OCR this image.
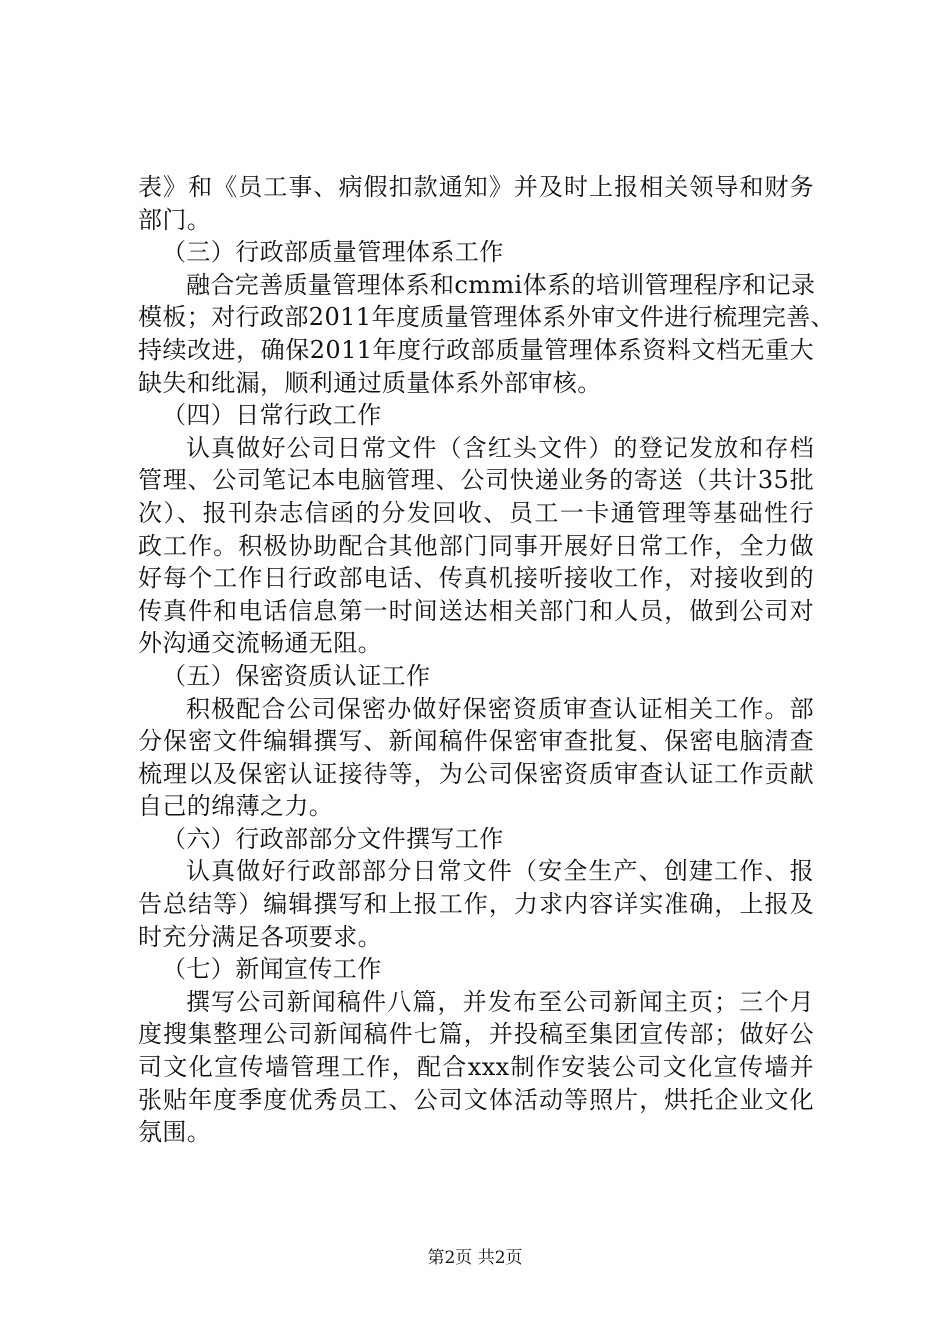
表》和《员工事、病假扣款通知》并及时上报相关领导和财务
部门。
（三）行政部质量管理体系工作
融合完善质量管理体系和cmmi体系的培训管理程序和记录
模板；对行政部2011年度质量管理体系外审文件进行梳理完善、
持续改进，确保2011年度行政部质量管理体系资料文档无重大
缺失和纰漏，顺利通过质量体系外部审核。
（四）日常行政工作
认真做好公司日常文件（含红头文件）的登记发放和存档
管理、公司笔记本电脑管理、公司快递业务的寄送（共计35批
次）、报刊杂志信函的分发回收、员工一卡通管理等基础性行
政工作。积极协助配合其他部门同事开展好日常工作，全力做
好每个工作日行政部电话、传真机接听接收工作，对接收到的
传真件和电话信息第一时间送达相关部门和人员，做到公司对
外沟通交流畅通无阻。
（五）保密资质认证工作
积极配合公司保密办做好保密资质审查认证相关工作。部
分保密文件编辑撰写、新闻稿件保密审查批复、保密电脑清查
梳理以及保密认证接待等，为公司保密资质审查认证工作贡献
自己的绵薄之力。
（六）行政部部分文件撰写工作
认真做好行政部部分日常文件（安全生产、创建工作、报
告总结等）编辑撰写和上报工作，力求内容详实准确，上报及
时充分满足各项要求。
（七）新闻宣传工作
撰写公司新闻稿件八篇，并发布至公司新闻主页；三个月
度搜集整理公司新闻稿件七篇，并投稿至集团宣传部；做好公
司文化宣传墙管理工作，配合xxx制作安装公司文化宣传墙并
张贴年度季度优秀员工、公司文体活动等照片，烘托企业文化
氛围。
第2页 共2页
